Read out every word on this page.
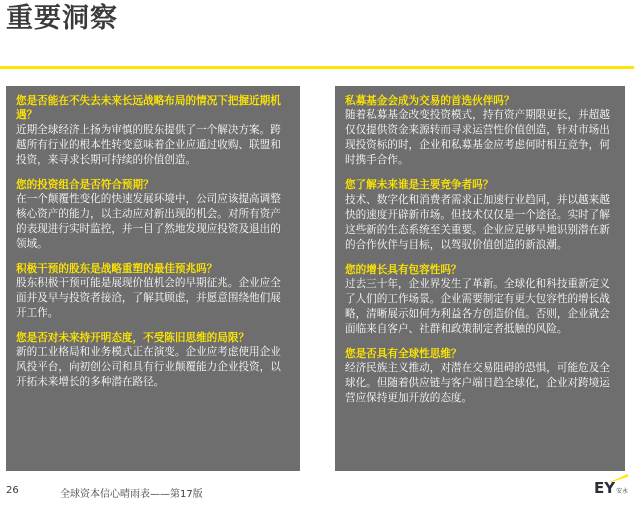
重要洞察

您是否能在不失去未来长远战略布局的情况下把握近期机遇？

近期全球经济上扬为审慎的股东提供了一个解决方案。跨越所有行业的根本性转变意味着企业应通过收购、联盟和投资，来寻求长期可持续的价值创造。

您的投资组合是否符合预期？

在一个颠覆性变化的快速发展环境中，公司应该提高调整核心资产的能力，以主动应对新出现的机会。对所有资产的表现进行实时监控，并一目了然地发现应投资及退出的领域。

积极干预的股东是战略重塑的最佳预兆吗？

股东积极干预可能是展现价值机会的早期征兆。企业应全面并及早与投资者接洽，了解其顾虑，并愿意围绕他们展开工作。

您是否对未来持开明态度，不受陈旧思维的局限？

新的工业格局和业务模式正在演变。企业应考虑使用企业风投平台，向初创公司和具有行业颠覆能力企业投资，以开拓未来增长的多种潜在路径。

私募基金会成为交易的首选伙伴吗？

随着私募基金改变投资模式，持有资产期限更长，并超越仅仅提供资金来源转而寻求运营性价值创造，针对市场出现投资标的时，企业和私募基金应考虑何时相互竞争，何时携手合作。

您了解未来谁是主要竞争者吗？

技术、数字化和消费者需求正加速行业趋同，并以越来越快的速度开辟新市场。但技术仅仅是一个途径。实时了解这些新的生态系统至关重要。企业应足够早地识别潜在新的合作伙伴与目标，以驾驭价值创造的新浪潮。

您的增长具有包容性吗？

过去三十年，企业界发生了革新。全球化和科技重新定义了人们的工作场景。企业需要制定有更大包容性的增长战略，清晰展示如何为利益各方创造价值。否则，企业就会面临来自客户、社群和政策制定者抵触的风险。

您是否具有全球性思维？

经济民族主义推动，对潜在交易阻碍的恐惧，可能危及全球化。但随着供应链与客户端日趋全球化，企业对跨境运营应保持更加开放的态度。

26	全球资本信心晴雨表——第17版	EY安永
